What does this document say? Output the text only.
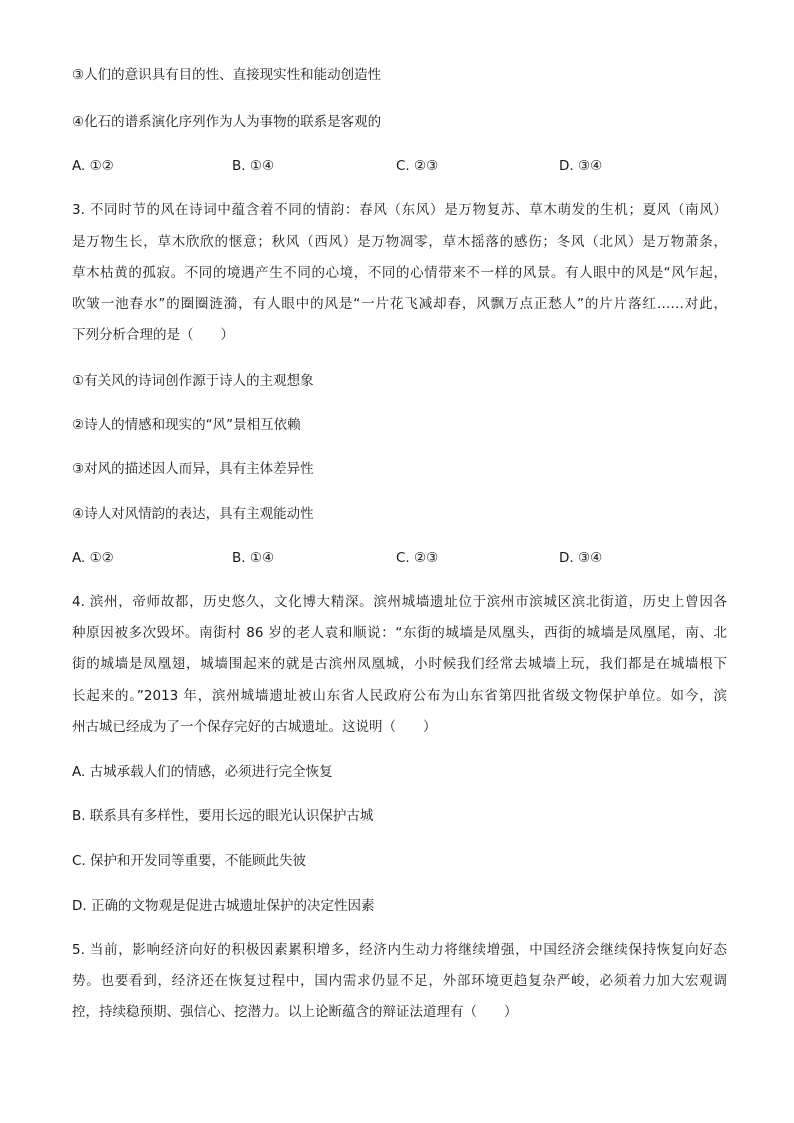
③人们的意识具有目的性、直接现实性和能动创造性
④化石的谱系演化序列作为人为事物的联系是客观的
A. ①②	B. ①④	C. ②③	D. ③④
3. 不同时节的风在诗词中蕴含着不同的情韵：春风（东风）是万物复苏、草木萌发的生机；夏风（南风）
是万物生长，草木欣欣的惬意；秋风（西风）是万物凋零，草木摇落的感伤；冬风（北风）是万物萧条，
草木枯黄的孤寂。不同的境遇产生不同的心境，不同的心情带来不一样的风景。有人眼中的风是“风乍起，
吹皱一池春水”的圈圈涟漪，有人眼中的风是“一片花飞减却春，风飘万点正愁人”的片片落红……对此，
下列分析合理的是（　　）
①有关风的诗词创作源于诗人的主观想象
②诗人的情感和现实的“风”景相互依赖
③对风的描述因人而异，具有主体差异性
④诗人对风情韵的表达，具有主观能动性
A. ①②	B. ①④	C. ②③	D. ③④
4. 滨州，帝师故都，历史悠久，文化博大精深。滨州城墙遗址位于滨州市滨城区滨北街道，历史上曾因各
种原因被多次毁坏。南街村 86 岁的老人袁和顺说：“东街的城墙是凤凰头，西街的城墙是凤凰尾，南、北
街的城墙是凤凰翅，城墙围起来的就是古滨州凤凰城，小时候我们经常去城墙上玩，我们都是在城墙根下
长起来的。”2013 年，滨州城墙遗址被山东省人民政府公布为山东省第四批省级文物保护单位。如今，滨
州古城已经成为了一个保存完好的古城遗址。这说明（　　）
A. 古城承载人们的情感，必须进行完全恢复
B. 联系具有多样性，要用长远的眼光认识保护古城
C. 保护和开发同等重要，不能顾此失彼
D. 正确的文物观是促进古城遗址保护的决定性因素
5. 当前，影响经济向好的积极因素累积增多，经济内生动力将继续增强，中国经济会继续保持恢复向好态
势。也要看到，经济还在恢复过程中，国内需求仍显不足，外部环境更趋复杂严峻，必须着力加大宏观调
控，持续稳预期、强信心、挖潜力。以上论断蕴含的辩证法道理有（　　）
